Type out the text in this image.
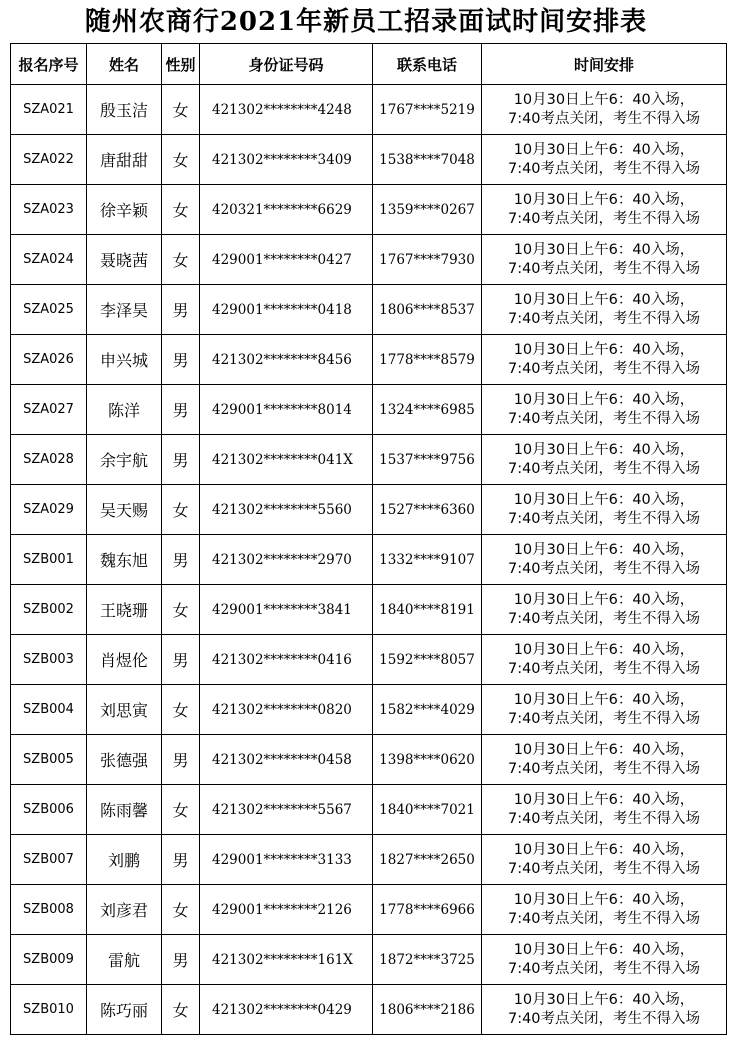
随州农商行2021年新员工招录面试时间安排表
报名序号	姓名	性别	身份证号码	联系电话	时间安排
SZA021	殷玉洁	女	421302********4248	1767****5219	10月30日上午6：40入场，
7:40考点关闭，考生不得入场

SZA022	唐甜甜	女	421302********3409	1538****7048	10月30日上午6：40入场，
7:40考点关闭，考生不得入场

SZA023	徐辛颖	女	420321********6629	1359****0267	10月30日上午6：40入场，
7:40考点关闭，考生不得入场

SZA024	聂晓茜	女	429001********0427	1767****7930	10月30日上午6：40入场，
7:40考点关闭，考生不得入场

SZA025	李泽昊	男	429001********0418	1806****8537	10月30日上午6：40入场，
7:40考点关闭，考生不得入场

SZA026	申兴城	男	421302********8456	1778****8579	10月30日上午6：40入场，
7:40考点关闭，考生不得入场

SZA027	陈洋	男	429001********8014	1324****6985	10月30日上午6：40入场，
7:40考点关闭，考生不得入场

SZA028	余宇航	男	421302********041X	1537****9756	10月30日上午6：40入场，
7:40考点关闭，考生不得入场

SZA029	吴天赐	女	421302********5560	1527****6360	10月30日上午6：40入场，
7:40考点关闭，考生不得入场

SZB001	魏东旭	男	421302********2970	1332****9107	10月30日上午6：40入场，
7:40考点关闭，考生不得入场

SZB002	王晓珊	女	429001********3841	1840****8191	10月30日上午6：40入场，
7:40考点关闭，考生不得入场

SZB003	肖煜伦	男	421302********0416	1592****8057	10月30日上午6：40入场，
7:40考点关闭，考生不得入场

SZB004	刘思寅	女	421302********0820	1582****4029	10月30日上午6：40入场，
7:40考点关闭，考生不得入场

SZB005	张德强	男	421302********0458	1398****0620	10月30日上午6：40入场，
7:40考点关闭，考生不得入场

SZB006	陈雨馨	女	421302********5567	1840****7021	10月30日上午6：40入场，
7:40考点关闭，考生不得入场

SZB007	刘鹏	男	429001********3133	1827****2650	10月30日上午6：40入场，
7:40考点关闭，考生不得入场

SZB008	刘彦君	女	429001********2126	1778****6966	10月30日上午6：40入场，
7:40考点关闭，考生不得入场

SZB009	雷航	男	421302********161X	1872****3725	10月30日上午6：40入场，
7:40考点关闭，考生不得入场

SZB010	陈巧丽	女	421302********0429	1806****2186	10月30日上午6：40入场，
7:40考点关闭，考生不得入场
